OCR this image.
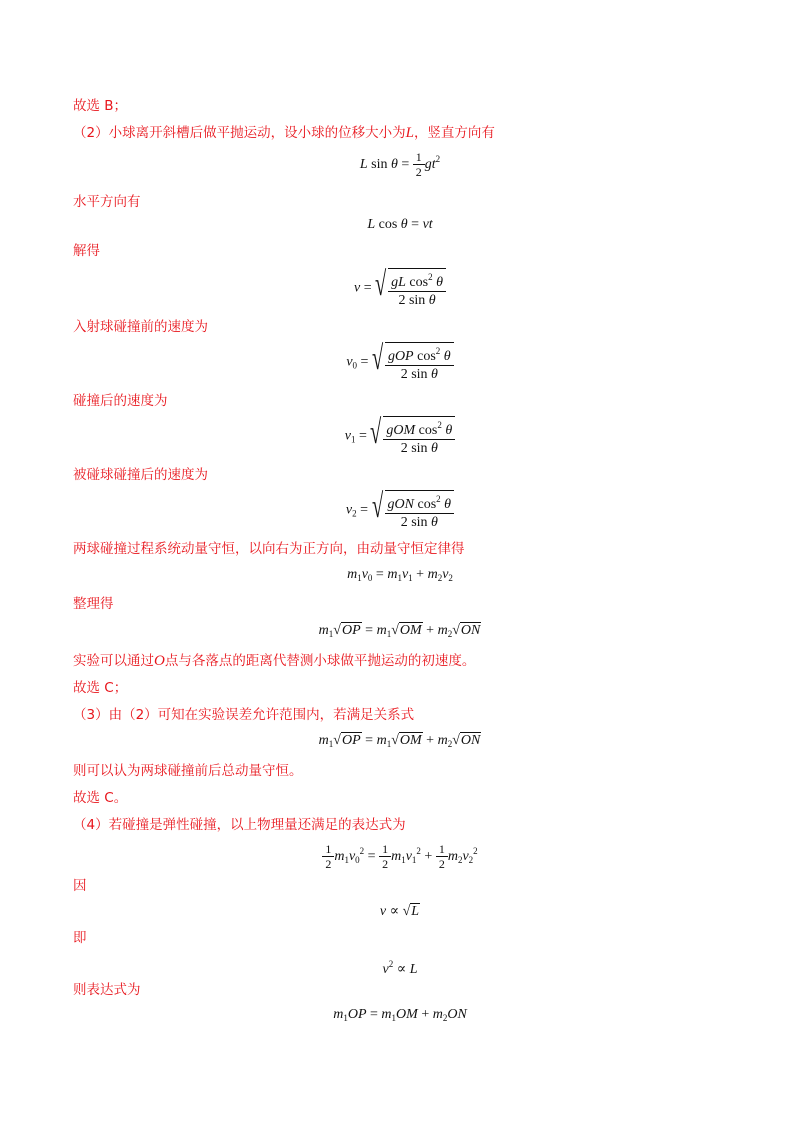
故选 B；
（2）小球离开斜槽后做平抛运动，设小球的位移大小为L，竖直方向有
L $\sin \theta = \frac{1}{2} gt^2$
水平方向有
L cos θ = vt
解得
v = √ $\frac{gL \cos^2 \theta}{\text{2 sin θ}}$
入射球碰撞前的速度为
$v_0$ = √ $\frac{gOP \cos^2 \theta}{\text{2 sin θ}}$
碰撞后的速度为
$v_1$ = √ $\frac{gOM \cos^2 \theta}{\text{2 sin θ}}$
被碰球碰撞后的速度为
$v_2$ = √ $\frac{gON \cos^2 \theta}{\text{2 sin θ}}$
两球碰撞过程系统动量守恒，以向右为正方向，由动量守恒定律得
$m_1v_0 = m_1v_1 + m_2v_2$
整理得
$m_1√OP = m_1√OM + m_2√ON$
实验可以通过O点与各落点的距离代替测小球做平抛运动的初速度。
故选 C；
（3）由（2）可知在实验误差允许范围内，若满足关系式
$m_1√OP = m_1√OM + m_2√ON$
则可以认为两球碰撞前后总动量守恒。
故选 C。
（4）若碰撞是弹性碰撞，以上物理量还满足的表达式为
$\frac{1}{2} m_1v_0^2 = \frac{1}{2} m_1v_1^2 + \frac{1}{2} m_2v_2^2$
因
v ∝ √L
即
$v^2 \propto L$
则表达式为
$m_1OP = m_1OM + m_2ON$
